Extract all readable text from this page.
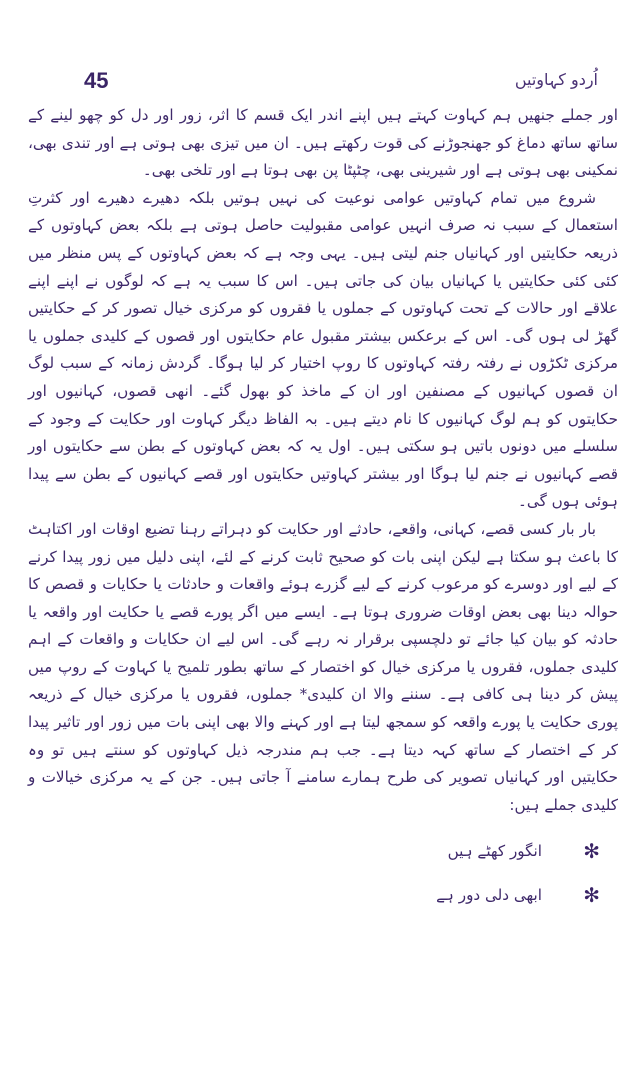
45	اُردو کہاوتیں

اور جملے جنھیں ہم کہاوت کہتے ہیں اپنے اندر ایک قسم کا اثر، زور اور دل کو چھو لینے کے ساتھ ساتھ دماغ کو جھنجوڑنے کی قوت رکھتے ہیں۔ ان میں تیزی بھی ہوتی ہے اور تندی بھی، نمکینی بھی ہوتی ہے اور شیرینی بھی، چٹپٹا پن بھی ہوتا ہے اور تلخی بھی۔

شروع میں تمام کہاوتیں عوامی نوعیت کی نہیں ہوتیں بلکہ دھیرے دھیرے اور کثرتِ استعمال کے سبب نہ صرف انہیں عوامی مقبولیت حاصل ہوتی ہے بلکہ بعض کہاوتوں کے ذریعہ حکایتیں اور کہانیاں جنم لیتی ہیں۔ یہی وجہ ہے کہ بعض کہاوتوں کے پس منظر میں کئی کئی حکایتیں یا کہانیاں بیان کی جاتی ہیں۔ اس کا سبب یہ ہے کہ لوگوں نے اپنے اپنے علاقے اور حالات کے تحت کہاوتوں کے جملوں یا فقروں کو مرکزی خیال تصور کر کے حکایتیں گھڑ لی ہوں گی۔ اس کے برعکس بیشتر مقبول عام حکایتوں اور قصوں کے کلیدی جملوں یا مرکزی ٹکڑوں نے رفتہ رفتہ کہاوتوں کا روپ اختیار کر لیا ہوگا۔ گردش زمانہ کے سبب لوگ ان قصوں کہانیوں کے مصنفین اور ان کے ماخذ کو بھول گئے۔ انھی قصوں، کہانیوں اور حکایتوں کو ہم لوگ کہانیوں کا نام دیتے ہیں۔ بہ الفاظ دیگر کہاوت اور حکایت کے وجود کے سلسلے میں دونوں باتیں ہو سکتی ہیں۔ اول یہ کہ بعض کہاوتوں کے بطن سے حکایتوں اور قصے کہانیوں نے جنم لیا ہوگا اور بیشتر کہاوتیں حکایتوں اور قصے کہانیوں کے بطن سے پیدا ہوئی ہوں گی۔

بار بار کسی قصے، کہانی، واقعے، حادثے اور حکایت کو دہراتے رہنا تضیع اوقات اور اکتاہٹ کا باعث ہو سکتا ہے لیکن اپنی بات کو صحیح ثابت کرنے کے لئے، اپنی دلیل میں زور پیدا کرنے کے لیے اور دوسرے کو مرعوب کرنے کے لیے گزرے ہوئے واقعات و حادثات یا حکایات و قصص کا حوالہ دینا بھی بعض اوقات ضروری ہوتا ہے۔ ایسے میں اگر پورے قصے یا حکایت اور واقعہ یا حادثہ کو بیان کیا جائے تو دلچسپی برقرار نہ رہے گی۔ اس لیے ان حکایات و واقعات کے اہم کلیدی جملوں، فقروں یا مرکزی خیال کو اختصار کے ساتھ بطور تلمیح یا کہاوت کے روپ میں پیش کر دینا ہی کافی ہے۔ سننے والا ان کلیدی* جملوں، فقروں یا مرکزی خیال کے ذریعہ پوری حکایت یا پورے واقعہ کو سمجھ لیتا ہے اور کہنے والا بھی اپنی بات میں زور اور تاثیر پیدا کر کے اختصار کے ساتھ کہہ دیتا ہے۔ جب ہم مندرجہ ذیل کہاوتوں کو سنتے ہیں تو وہ حکایتیں اور کہانیاں تصویر کی طرح ہمارے سامنے آ جاتی ہیں۔ جن کے یہ مرکزی خیالات و کلیدی جملے ہیں:

✻
انگور کھٹے ہیں
✻
ابھی دلی دور ہے
